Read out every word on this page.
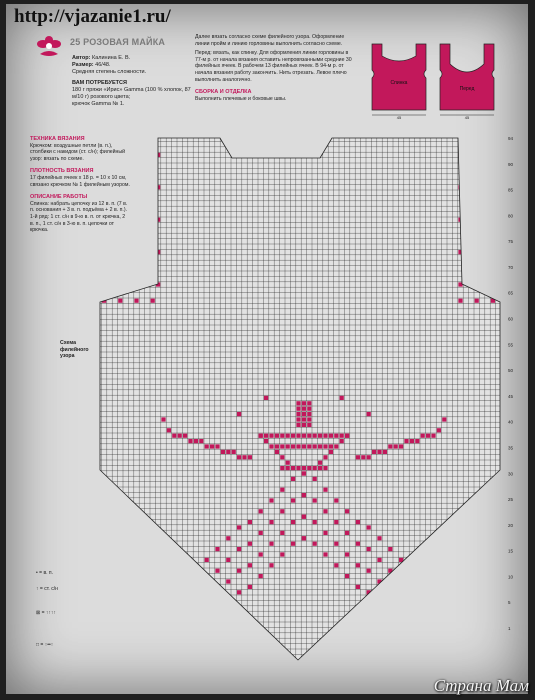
http://vjazanie1.ru/
25 РОЗОВАЯ МАЙКА
Автор: Калинина Е. В.
Размер: 46/48.
Средняя степень сложности.
ВАМ ПОТРЕБУЕТСЯ
180 г пряжи «Ирис» Gamma (100 % хлопок, 87 м/10 г) розового цвета;
крючок Gamma № 1.
ТЕХНИКА ВЯЗАНИЯ
Крючком: воздушные петли (в. п.), столбики с накидом (ст. с/н); филейный узор: вязать по схеме.
ПЛОТНОСТЬ ВЯЗАНИЯ
17 филейных ячеек х 18 р. = 10 х 10 см, связано крючком № 1 филейным узором.
ОПИСАНИЕ РАБОТЫ
Спинка: набрать цепочку из 12 в. п. (7 в. п. основания + 3 в. п. подъёма + 2 в. п.).
1-й ряд: 1 ст. с/н в 9-ю в. п. от крючка, 2 в. п., 1 ст. с/н в 3-ю в. п. цепочки от крючка.
Далее вязать согласно схеме филейного узора. Оформление линии пройм и линию горловины выполнить согласно схеме.
Перед: вязать, как спинку. Для оформления линии горловины в 77-м р. от начала вязания оставить непровязанными средние 30 филейных ячеек. В рабочем 13 филейных ячеек. В 94-м р. от начала вязания работу закончить. Нить отрезать. Левое плечо выполнить аналогично.
СБОРКА И ОТДЕЛКА
Выполнить плечевые и боковые швы.
Спинка
45
Перед
45
Схема филейного узора
94
90
85
80
75
70
65
60
55
50
45
40
35
30
25
20
15
10
5
1
• = в. п.
↑ = ст. с/н
⊠ = ↑↑↑↑
□ = ↑••↑
Страна Мам
